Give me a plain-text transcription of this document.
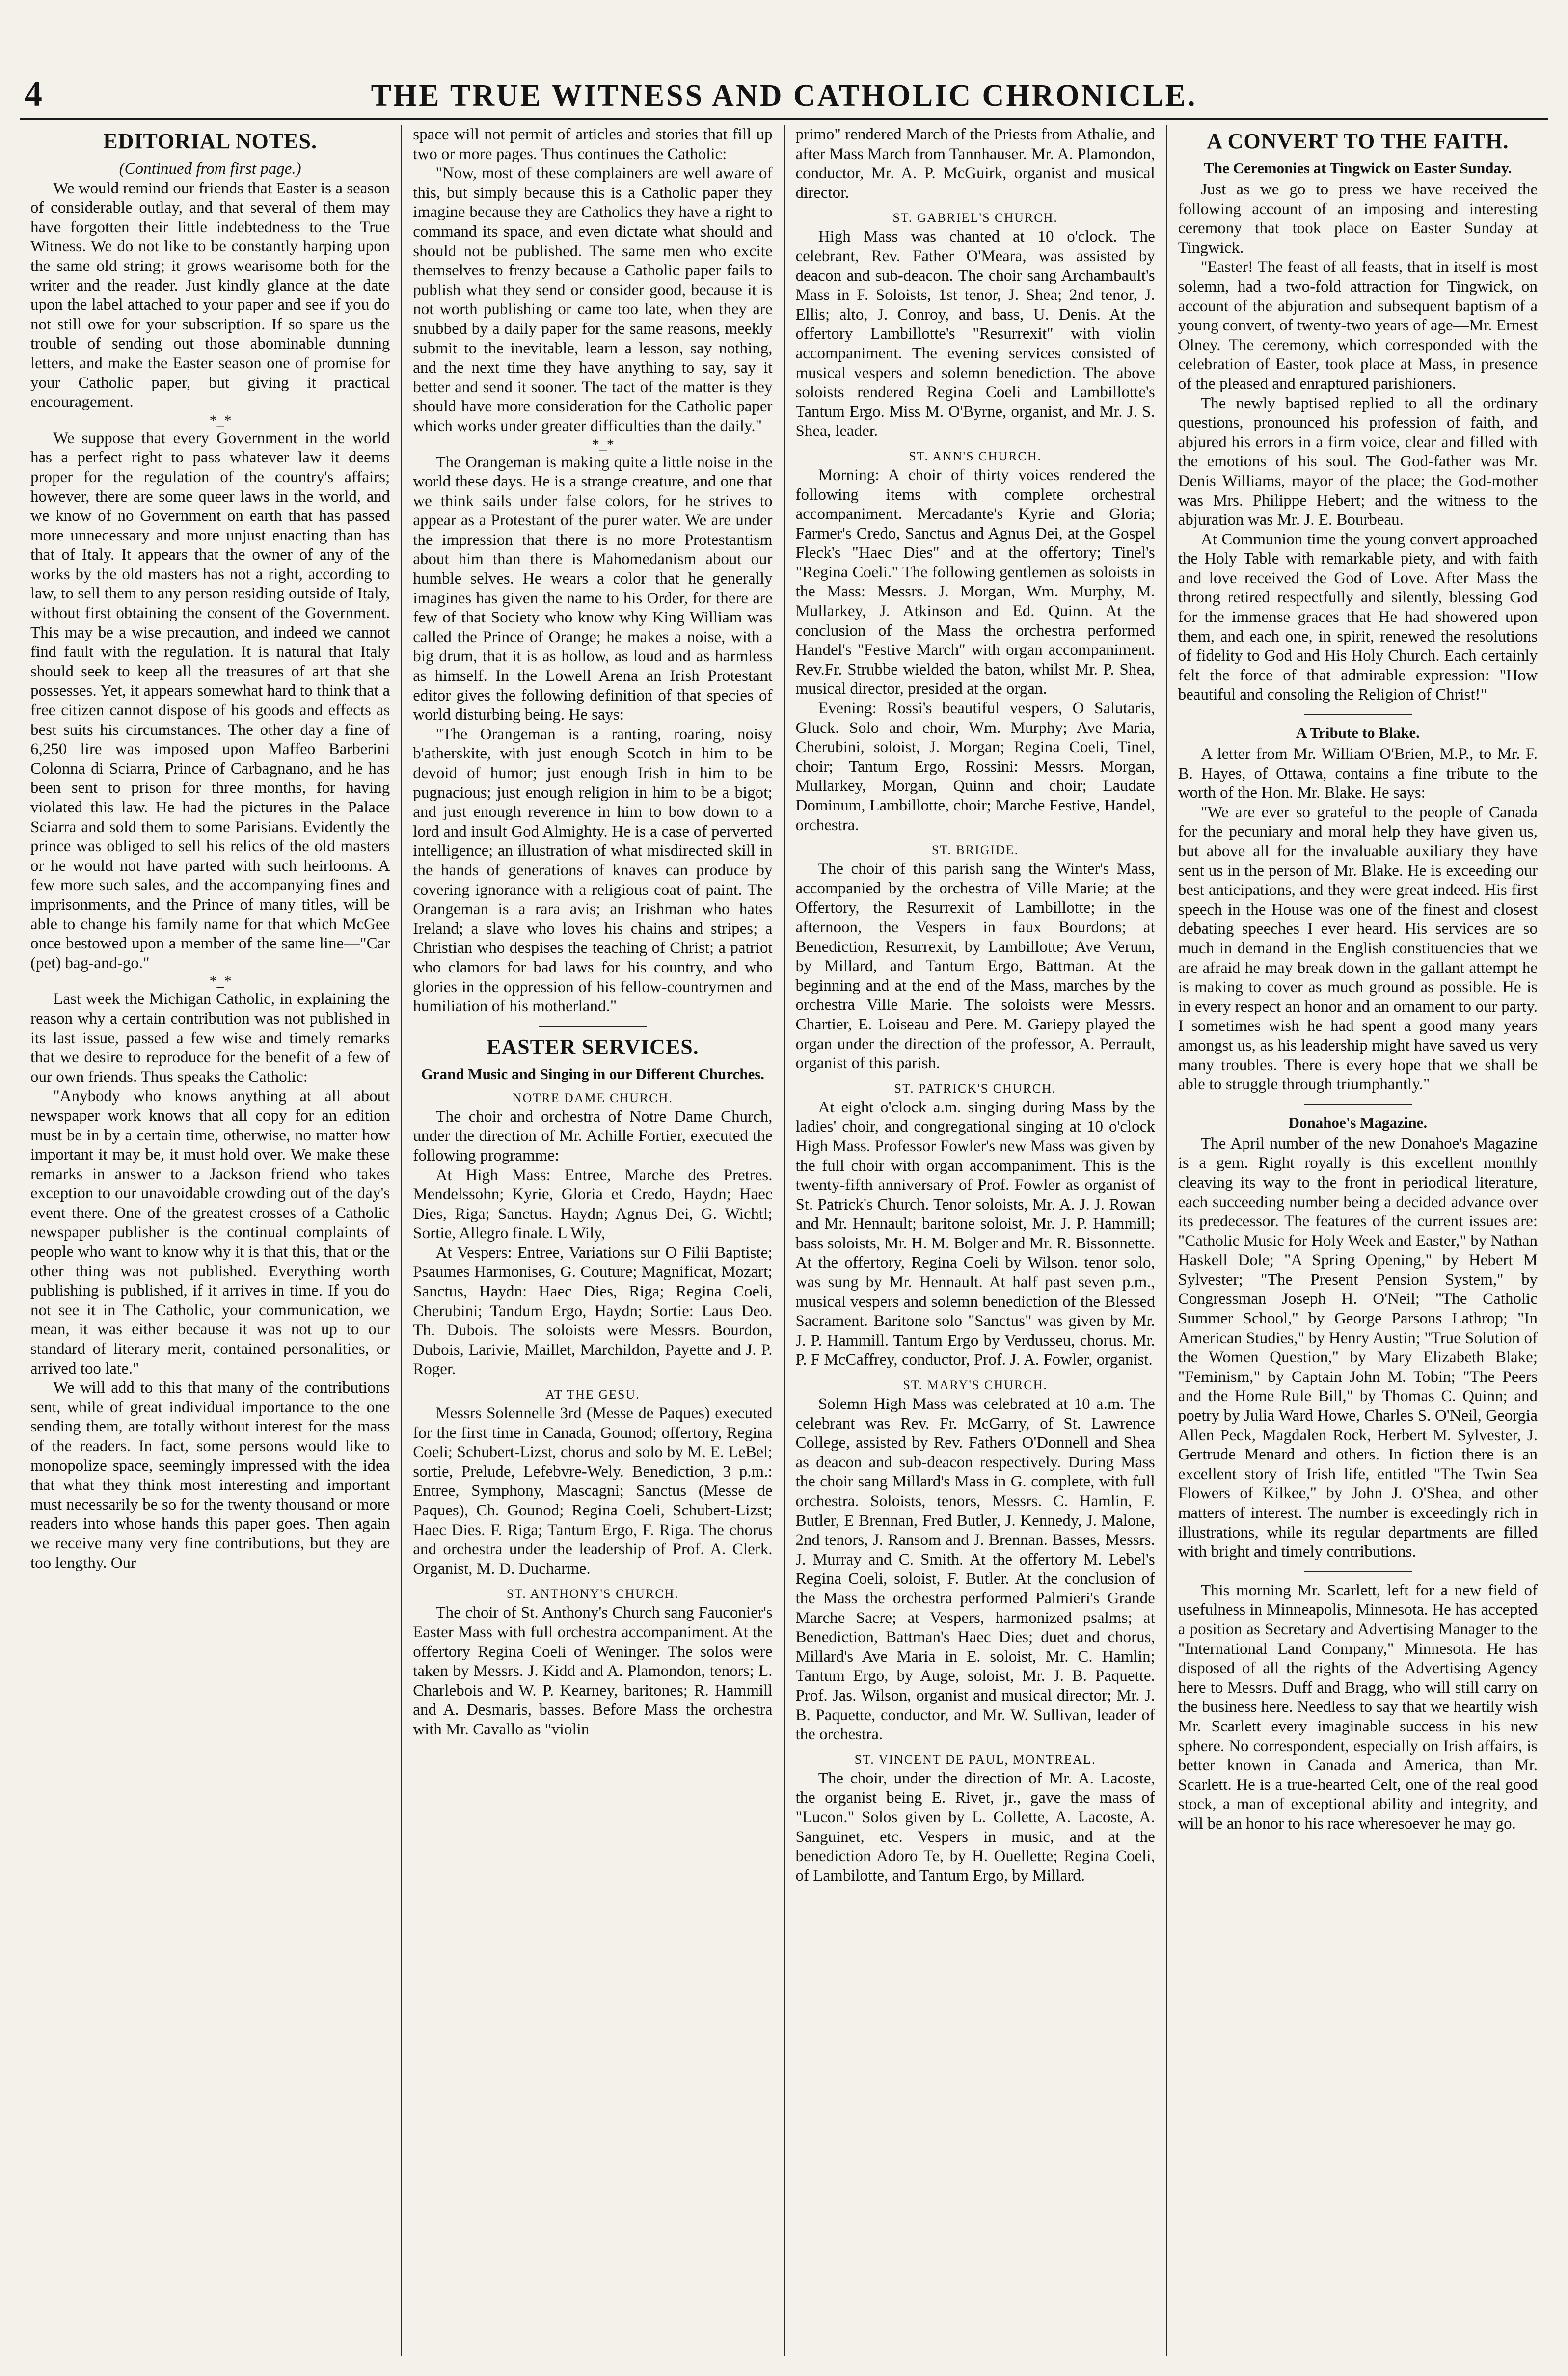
4	THE TRUE WITNESS AND CATHOLIC CHRONICLE.
EDITORIAL NOTES.

(Continued from first page.)

We would remind our friends that Easter is a season of considerable outlay, and that several of them may have forgotten their little indebtedness to the True Witness. We do not like to be constantly harping upon the same old string; it grows wearisome both for the writer and the reader. Just kindly glance at the date upon the label attached to your paper and see if you do not still owe for your subscription. If so spare us the trouble of sending out those abominable dunning letters, and make the Easter season one of promise for your Catholic paper, but giving it practical encouragement.

*_*

We suppose that every Government in the world has a perfect right to pass whatever law it deems proper for the regulation of the country's affairs; however, there are some queer laws in the world, and we know of no Government on earth that has passed more unnecessary and more unjust enacting than has that of Italy. It appears that the owner of any of the works by the old masters has not a right, according to law, to sell them to any person residing outside of Italy, without first obtaining the consent of the Government. This may be a wise precaution, and indeed we cannot find fault with the regulation. It is natural that Italy should seek to keep all the treasures of art that she possesses. Yet, it appears somewhat hard to think that a free citizen cannot dispose of his goods and effects as best suits his circumstances. The other day a fine of 6,250 lire was imposed upon Maffeo Barberini Colonna di Sciarra, Prince of Carbagnano, and he has been sent to prison for three months, for having violated this law. He had the pictures in the Palace Sciarra and sold them to some Parisians. Evidently the prince was obliged to sell his relics of the old masters or he would not have parted with such heirlooms. A few more such sales, and the accompanying fines and imprisonments, and the Prince of many titles, will be able to change his family name for that which McGee once bestowed upon a member of the same line—"Car (pet) bag-and-go."

*_*

Last week the Michigan Catholic, in explaining the reason why a certain contribution was not published in its last issue, passed a few wise and timely remarks that we desire to reproduce for the benefit of a few of our own friends. Thus speaks the Catholic:

"Anybody who knows anything at all about newspaper work knows that all copy for an edition must be in by a certain time, otherwise, no matter how important it may be, it must hold over. We make these remarks in answer to a Jackson friend who takes exception to our unavoidable crowding out of the day's event there. One of the greatest crosses of a Catholic newspaper publisher is the continual complaints of people who want to know why it is that this, that or the other thing was not published. Everything worth publishing is published, if it arrives in time. If you do not see it in The Catholic, your communication, we mean, it was either because it was not up to our standard of literary merit, contained personalities, or arrived too late."

We will add to this that many of the contributions sent, while of great individual importance to the one sending them, are totally without interest for the mass of the readers. In fact, some persons would like to monopolize space, seemingly impressed with the idea that what they think most interesting and important must necessarily be so for the twenty thousand or more readers into whose hands this paper goes. Then again we receive many very fine contributions, but they are too lengthy. Our

space will not permit of articles and stories that fill up two or more pages. Thus continues the Catholic:

"Now, most of these complainers are well aware of this, but simply because this is a Catholic paper they imagine because they are Catholics they have a right to command its space, and even dictate what should and should not be published. The same men who excite themselves to frenzy because a Catholic paper fails to publish what they send or consider good, because it is not worth publishing or came too late, when they are snubbed by a daily paper for the same reasons, meekly submit to the inevitable, learn a lesson, say nothing, and the next time they have anything to say, say it better and send it sooner. The tact of the matter is they should have more consideration for the Catholic paper which works under greater difficulties than the daily."

*_*

The Orangeman is making quite a little noise in the world these days. He is a strange creature, and one that we think sails under false colors, for he strives to appear as a Protestant of the purer water. We are under the impression that there is no more Protestantism about him than there is Mahomedanism about our humble selves. He wears a color that he generally imagines has given the name to his Order, for there are few of that Society who know why King William was called the Prince of Orange; he makes a noise, with a big drum, that it is as hollow, as loud and as harmless as himself. In the Lowell Arena an Irish Protestant editor gives the following definition of that species of world disturbing being. He says:

"The Orangeman is a ranting, roaring, noisy b'atherskite, with just enough Scotch in him to be devoid of humor; just enough Irish in him to be pugnacious; just enough religion in him to be a bigot; and just enough reverence in him to bow down to a lord and insult God Almighty. He is a case of perverted intelligence; an illustration of what misdirected skill in the hands of generations of knaves can produce by covering ignorance with a religious coat of paint. The Orangeman is a rara avis; an Irishman who hates Ireland; a slave who loves his chains and stripes; a Christian who despises the teaching of Christ; a patriot who clamors for bad laws for his country, and who glories in the oppression of his fellow-countrymen and humiliation of his motherland."

EASTER SERVICES.
Grand Music and Singing in our Different Churches.
NOTRE DAME CHURCH.

The choir and orchestra of Notre Dame Church, under the direction of Mr. Achille Fortier, executed the following programme:

At High Mass: Entree, Marche des Pretres. Mendelssohn; Kyrie, Gloria et Credo, Haydn; Haec Dies, Riga; Sanctus. Haydn; Agnus Dei, G. Wichtl; Sortie, Allegro finale. L Wily,

At Vespers: Entree, Variations sur O Filii Baptiste; Psaumes Harmonises, G. Couture; Magnificat, Mozart; Sanctus, Haydn: Haec Dies, Riga; Regina Coeli, Cherubini; Tandum Ergo, Haydn; Sortie: Laus Deo. Th. Dubois. The soloists were Messrs. Bourdon, Dubois, Larivie, Maillet, Marchildon, Payette and J. P. Roger.

AT THE GESU.

Messrs Solennelle 3rd (Messe de Paques) executed for the first time in Canada, Gounod; offertory, Regina Coeli; Schubert-Lizst, chorus and solo by M. E. LeBel; sortie, Prelude, Lefebvre-Wely. Benediction, 3 p.m.: Entree, Symphony, Mascagni; Sanctus (Messe de Paques), Ch. Gounod; Regina Coeli, Schubert-Lizst; Haec Dies. F. Riga; Tantum Ergo, F. Riga. The chorus and orchestra under the leadership of Prof. A. Clerk. Organist, M. D. Ducharme.

ST. ANTHONY'S CHURCH.

The choir of St. Anthony's Church sang Fauconier's Easter Mass with full orchestra accompaniment. At the offertory Regina Coeli of Weninger. The solos were taken by Messrs. J. Kidd and A. Plamondon, tenors; L. Charlebois and W. P. Kearney, baritones; R. Hammill and A. Desmaris, basses. Before Mass the orchestra with Mr. Cavallo as "violin

primo" rendered March of the Priests from Athalie, and after Mass March from Tannhauser. Mr. A. Plamondon, conductor, Mr. A. P. McGuirk, organist and musical director.

ST. GABRIEL'S CHURCH.

High Mass was chanted at 10 o'clock. The celebrant, Rev. Father O'Meara, was assisted by deacon and sub-deacon. The choir sang Archambault's Mass in F. Soloists, 1st tenor, J. Shea; 2nd tenor, J. Ellis; alto, J. Conroy, and bass, U. Denis. At the offertory Lambillotte's "Resurrexit" with violin accompaniment. The evening services consisted of musical vespers and solemn benediction. The above soloists rendered Regina Coeli and Lambillotte's Tantum Ergo. Miss M. O'Byrne, organist, and Mr. J. S. Shea, leader.

ST. ANN'S CHURCH.

Morning: A choir of thirty voices rendered the following items with complete orchestral accompaniment. Mercadante's Kyrie and Gloria; Farmer's Credo, Sanctus and Agnus Dei, at the Gospel Fleck's "Haec Dies" and at the offertory; Tinel's "Regina Coeli." The following gentlemen as soloists in the Mass: Messrs. J. Morgan, Wm. Murphy, M. Mullarkey, J. Atkinson and Ed. Quinn. At the conclusion of the Mass the orchestra performed Handel's "Festive March" with organ accompaniment. Rev.Fr. Strubbe wielded the baton, whilst Mr. P. Shea, musical director, presided at the organ.

Evening: Rossi's beautiful vespers, O Salutaris, Gluck. Solo and choir, Wm. Murphy; Ave Maria, Cherubini, soloist, J. Morgan; Regina Coeli, Tinel, choir; Tantum Ergo, Rossini: Messrs. Morgan, Mullarkey, Morgan, Quinn and choir; Laudate Dominum, Lambillotte, choir; Marche Festive, Handel, orchestra.

ST. BRIGIDE.

The choir of this parish sang the Winter's Mass, accompanied by the orchestra of Ville Marie; at the Offertory, the Resurrexit of Lambillotte; in the afternoon, the Vespers in faux Bourdons; at Benediction, Resurrexit, by Lambillotte; Ave Verum, by Millard, and Tantum Ergo, Battman. At the beginning and at the end of the Mass, marches by the orchestra Ville Marie. The soloists were Messrs. Chartier, E. Loiseau and Pere. M. Gariepy played the organ under the direction of the professor, A. Perrault, organist of this parish.

ST. PATRICK'S CHURCH.

At eight o'clock a.m. singing during Mass by the ladies' choir, and congregational singing at 10 o'clock High Mass. Professor Fowler's new Mass was given by the full choir with organ accompaniment. This is the twenty-fifth anniversary of Prof. Fowler as organist of St. Patrick's Church. Tenor soloists, Mr. A. J. J. Rowan and Mr. Hennault; baritone soloist, Mr. J. P. Hammill; bass soloists, Mr. H. M. Bolger and Mr. R. Bissonnette. At the offertory, Regina Coeli by Wilson. tenor solo, was sung by Mr. Hennault. At half past seven p.m., musical vespers and solemn benediction of the Blessed Sacrament. Baritone solo "Sanctus" was given by Mr. J. P. Hammill. Tantum Ergo by Verdusseu, chorus. Mr. P. F McCaffrey, conductor, Prof. J. A. Fowler, organist.

ST. MARY'S CHURCH.

Solemn High Mass was celebrated at 10 a.m. The celebrant was Rev. Fr. McGarry, of St. Lawrence College, assisted by Rev. Fathers O'Donnell and Shea as deacon and sub-deacon respectively. During Mass the choir sang Millard's Mass in G. complete, with full orchestra. Soloists, tenors, Messrs. C. Hamlin, F. Butler, E Brennan, Fred Butler, J. Kennedy, J. Malone, 2nd tenors, J. Ransom and J. Brennan. Basses, Messrs. J. Murray and C. Smith. At the offertory M. Lebel's Regina Coeli, soloist, F. Butler. At the conclusion of the Mass the orchestra performed Palmieri's Grande Marche Sacre; at Vespers, harmonized psalms; at Benediction, Battman's Haec Dies; duet and chorus, Millard's Ave Maria in E. soloist, Mr. C. Hamlin; Tantum Ergo, by Auge, soloist, Mr. J. B. Paquette. Prof. Jas. Wilson, organist and musical director; Mr. J. B. Paquette, conductor, and Mr. W. Sullivan, leader of the orchestra.

ST. VINCENT DE PAUL, MONTREAL.

The choir, under the direction of Mr. A. Lacoste, the organist being E. Rivet, jr., gave the mass of "Lucon." Solos given by L. Collette, A. Lacoste, A. Sanguinet, etc. Vespers in music, and at the benediction Adoro Te, by H. Ouellette; Regina Coeli, of Lambilotte, and Tantum Ergo, by Millard.

A CONVERT TO THE FAITH.
The Ceremonies at Tingwick on Easter Sunday.

Just as we go to press we have received the following account of an imposing and interesting ceremony that took place on Easter Sunday at Tingwick.

"Easter! The feast of all feasts, that in itself is most solemn, had a two-fold attraction for Tingwick, on account of the abjuration and subsequent baptism of a young convert, of twenty-two years of age—Mr. Ernest Olney. The ceremony, which corresponded with the celebration of Easter, took place at Mass, in presence of the pleased and enraptured parishioners.

The newly baptised replied to all the ordinary questions, pronounced his profession of faith, and abjured his errors in a firm voice, clear and filled with the emotions of his soul. The God-father was Mr. Denis Williams, mayor of the place; the God-mother was Mrs. Philippe Hebert; and the witness to the abjuration was Mr. J. E. Bourbeau.

At Communion time the young convert approached the Holy Table with remarkable piety, and with faith and love received the God of Love. After Mass the throng retired respectfully and silently, blessing God for the immense graces that He had showered upon them, and each one, in spirit, renewed the resolutions of fidelity to God and His Holy Church. Each certainly felt the force of that admirable expression: "How beautiful and consoling the Religion of Christ!"

A Tribute to Blake.

A letter from Mr. William O'Brien, M.P., to Mr. F. B. Hayes, of Ottawa, contains a fine tribute to the worth of the Hon. Mr. Blake. He says:

"We are ever so grateful to the people of Canada for the pecuniary and moral help they have given us, but above all for the invaluable auxiliary they have sent us in the person of Mr. Blake. He is exceeding our best anticipations, and they were great indeed. His first speech in the House was one of the finest and closest debating speeches I ever heard. His services are so much in demand in the English constituencies that we are afraid he may break down in the gallant attempt he is making to cover as much ground as possible. He is in every respect an honor and an ornament to our party. I sometimes wish he had spent a good many years amongst us, as his leadership might have saved us very many troubles. There is every hope that we shall be able to struggle through triumphantly."

Donahoe's Magazine.

The April number of the new Donahoe's Magazine is a gem. Right royally is this excellent monthly cleaving its way to the front in periodical literature, each succeeding number being a decided advance over its predecessor. The features of the current issues are: "Catholic Music for Holy Week and Easter," by Nathan Haskell Dole; "A Spring Opening," by Hebert M Sylvester; "The Present Pension System," by Congressman Joseph H. O'Neil; "The Catholic Summer School," by George Parsons Lathrop; "In American Studies," by Henry Austin; "True Solution of the Women Question," by Mary Elizabeth Blake; "Feminism," by Captain John M. Tobin; "The Peers and the Home Rule Bill," by Thomas C. Quinn; and poetry by Julia Ward Howe, Charles S. O'Neil, Georgia Allen Peck, Magdalen Rock, Herbert M. Sylvester, J. Gertrude Menard and others. In fiction there is an excellent story of Irish life, entitled "The Twin Sea Flowers of Kilkee," by John J. O'Shea, and other matters of interest. The number is exceedingly rich in illustrations, while its regular departments are filled with bright and timely contributions.

This morning Mr. Scarlett, left for a new field of usefulness in Minneapolis, Minnesota. He has accepted a position as Secretary and Advertising Manager to the "International Land Company," Minnesota. He has disposed of all the rights of the Advertising Agency here to Messrs. Duff and Bragg, who will still carry on the business here. Needless to say that we heartily wish Mr. Scarlett every imaginable success in his new sphere. No correspondent, especially on Irish affairs, is better known in Canada and America, than Mr. Scarlett. He is a true-hearted Celt, one of the real good stock, a man of exceptional ability and integrity, and will be an honor to his race wheresoever he may go.
